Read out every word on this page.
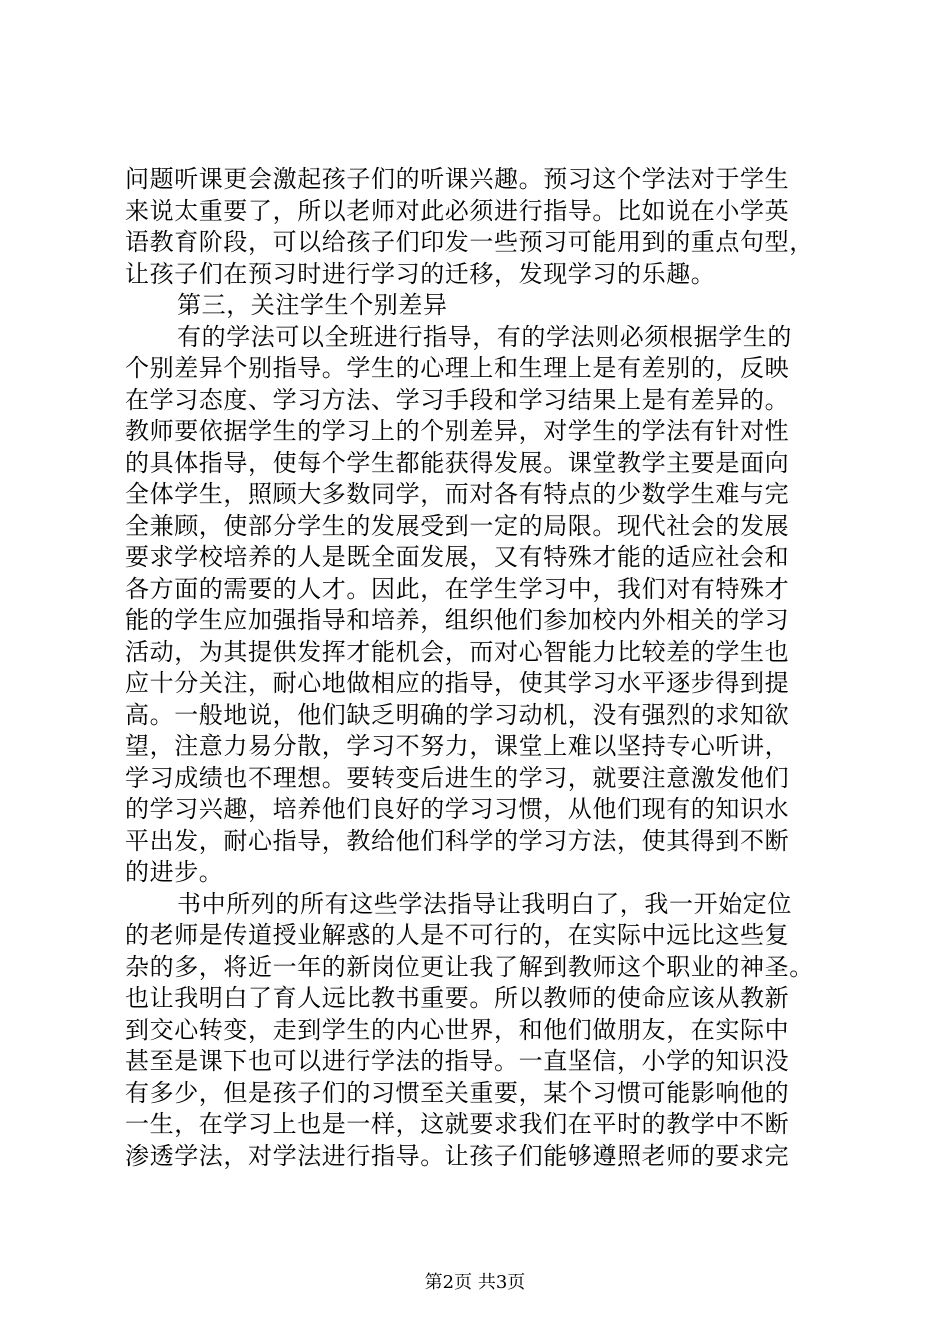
问题听课更会激起孩子们的听课兴趣。预习这个学法对于学生
来说太重要了，所以老师对此必须进行指导。比如说在小学英
语教育阶段，可以给孩子们印发一些预习可能用到的重点句型，
让孩子们在预习时进行学习的迁移，发现学习的乐趣。
第三，关注学生个别差异
有的学法可以全班进行指导，有的学法则必须根据学生的
个别差异个别指导。学生的心理上和生理上是有差别的，反映
在学习态度、学习方法、学习手段和学习结果上是有差异的。
教师要依据学生的学习上的个别差异，对学生的学法有针对性
的具体指导，使每个学生都能获得发展。课堂教学主要是面向
全体学生，照顾大多数同学，而对各有特点的少数学生难与完
全兼顾，使部分学生的发展受到一定的局限。现代社会的发展
要求学校培养的人是既全面发展，又有特殊才能的适应社会和
各方面的需要的人才。因此，在学生学习中，我们对有特殊才
能的学生应加强指导和培养，组织他们参加校内外相关的学习
活动，为其提供发挥才能机会，而对心智能力比较差的学生也
应十分关注，耐心地做相应的指导，使其学习水平逐步得到提
高。一般地说，他们缺乏明确的学习动机，没有强烈的求知欲
望，注意力易分散，学习不努力，课堂上难以坚持专心听讲，
学习成绩也不理想。要转变后进生的学习，就要注意激发他们
的学习兴趣，培养他们良好的学习习惯，从他们现有的知识水
平出发，耐心指导，教给他们科学的学习方法，使其得到不断
的进步。
书中所列的所有这些学法指导让我明白了，我一开始定位
的老师是传道授业解惑的人是不可行的，在实际中远比这些复
杂的多，将近一年的新岗位更让我了解到教师这个职业的神圣。
也让我明白了育人远比教书重要。所以教师的使命应该从教新
到交心转变，走到学生的内心世界，和他们做朋友，在实际中
甚至是课下也可以进行学法的指导。一直坚信，小学的知识没
有多少，但是孩子们的习惯至关重要，某个习惯可能影响他的
一生，在学习上也是一样，这就要求我们在平时的教学中不断
渗透学法，对学法进行指导。让孩子们能够遵照老师的要求完
第2页 共3页
